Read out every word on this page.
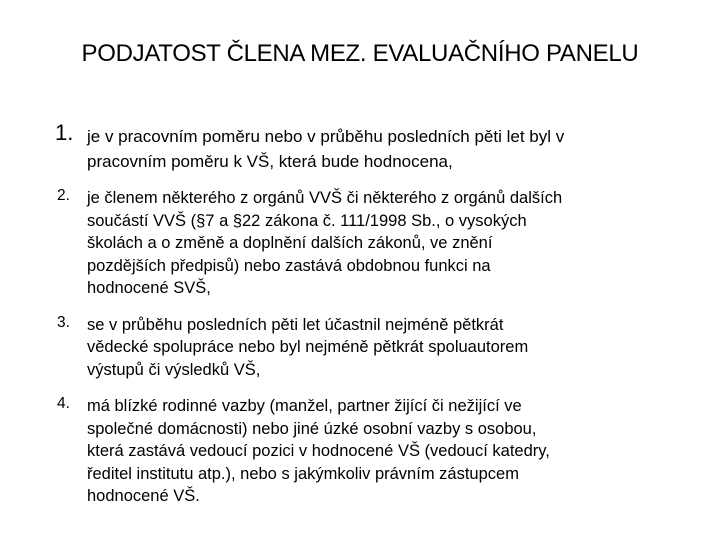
PODJATOST ČLENA MEZ. EVALUAČNÍHO PANELU
1. je v pracovním poměru nebo v průběhu posledních pěti let byl v
pracovním poměru k VŠ, která bude hodnocena,
2. je členem některého z orgánů VVŠ či některého z orgánů dalších
součástí VVŠ (§7 a §22 zákona č. 111/1998 Sb., o vysokých
školách a o změně a doplnění dalších zákonů, ve znění
pozdějších předpisů) nebo zastává obdobnou funkci na
hodnocené SVŠ,
3. se v průběhu posledních pěti let účastnil nejméně pětkrát
vědecké spolupráce nebo byl nejméně pětkrát spoluautorem
výstupů či výsledků VŠ,
4. má blízké rodinné vazby (manžel, partner žijící či nežijící ve
společné domácnosti) nebo jiné úzké osobní vazby s osobou,
která zastává vedoucí pozici v hodnocené VŠ (vedoucí katedry,
ředitel institutu atp.), nebo s jakýmkoliv právním zástupcem
hodnocené VŠ.
